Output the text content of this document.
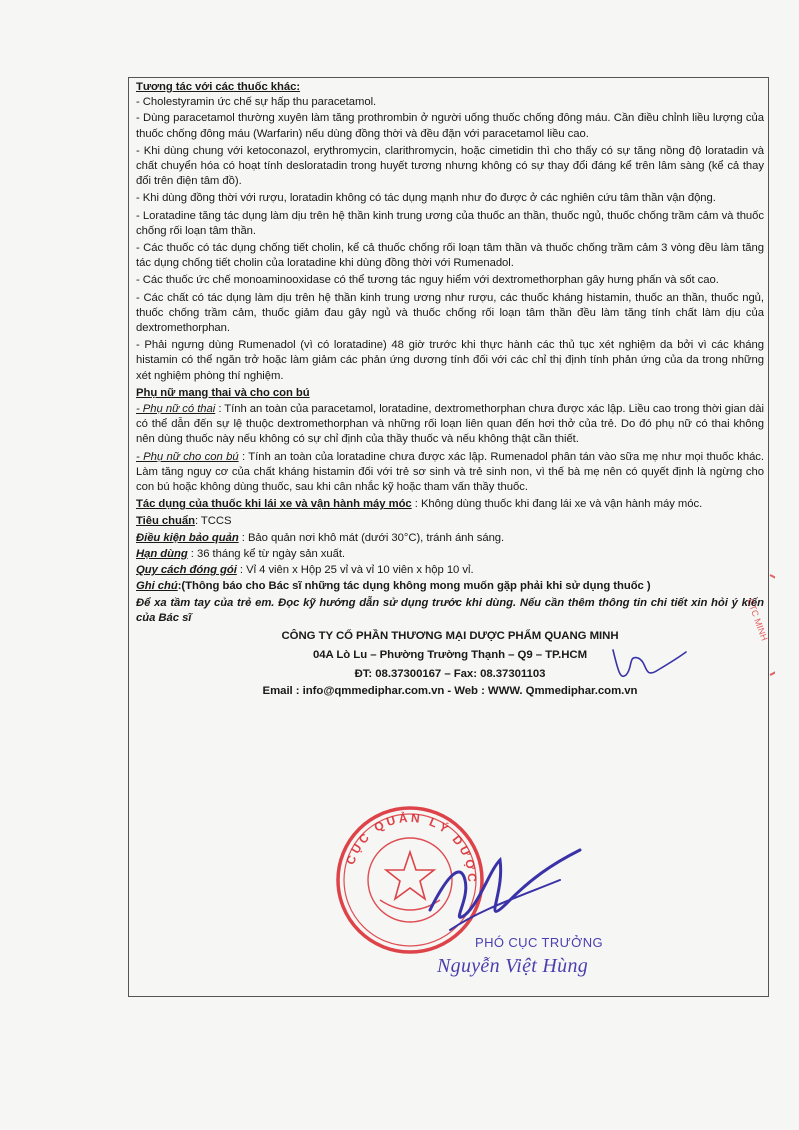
Tương tác với các thuốc khác:

- Cholestyramin ức chế sự hấp thu paracetamol.

- Dùng paracetamol thường xuyên làm tăng prothrombin ở người uống thuốc chống đông máu. Cần điều chỉnh liều lượng của thuốc chống đông máu (Warfarin) nếu dùng đồng thời và đều đặn với paracetamol liều cao.

- Khi dùng chung với ketoconazol, erythromycin, clarithromycin, hoặc cimetidin thì cho thấy có sự tăng nồng độ loratadin và chất chuyển hóa có hoạt tính desloratadin trong huyết tương nhưng không có sự thay đổi đáng kể trên lâm sàng (kể cả thay đổi trên điện tâm đồ).

- Khi dùng đồng thời với rượu, loratadin không có tác dụng mạnh như đo được ở các nghiên cứu tâm thần vận động.

- Loratadine tăng tác dụng làm dịu trên hệ thần kinh trung ương của thuốc an thần, thuốc ngủ, thuốc chống trầm cảm và thuốc chống rối loạn tâm thần.

- Các thuốc có tác dụng chống tiết cholin, kể cả thuốc chống rối loạn tâm thần và thuốc chống trầm cảm 3 vòng đều làm tăng tác dụng chống tiết cholin của loratadine khi dùng đồng thời với Rumenadol.

- Các thuốc ức chế monoaminooxidase có thể tương tác nguy hiểm với dextromethorphan gây hưng phấn và sốt cao.

- Các chất có tác dụng làm dịu trên hệ thần kinh trung ương như rượu, các thuốc kháng histamin, thuốc an thần, thuốc ngủ, thuốc chống trầm cảm, thuốc giảm đau gây ngủ và thuốc chống rối loạn tâm thần đều làm tăng tính chất làm dịu của dextromethorphan.

- Phải ngưng dùng Rumenadol (vì có loratadine) 48 giờ trước khi thực hành các thủ tục xét nghiệm da bởi vì các kháng histamin có thể ngăn trở hoặc làm giảm các phản ứng dương tính đối với các chỉ thị định tính phản ứng của da trong những xét nghiệm phòng thí nghiệm.

Phụ nữ mang thai và cho con bú

- Phụ nữ có thai : Tính an toàn của paracetamol, loratadine, dextromethorphan chưa được xác lập. Liều cao trong thời gian dài có thể dẫn đến sự lệ thuộc dextromethorphan và những rối loạn liên quan đến hơi thở của trẻ. Do đó phụ nữ có thai không nên dùng thuốc này nếu không có sự chỉ định của thầy thuốc và nếu không thật cần thiết.

- Phụ nữ cho con bú : Tính an toàn của loratadine chưa được xác lập. Rumenadol phân tán vào sữa mẹ như mọi thuốc khác. Làm tăng nguy cơ của chất kháng histamin đối với trẻ sơ sinh và trẻ sinh non, vì thế bà mẹ nên có quyết định là ngừng cho con bú hoặc không dùng thuốc, sau khi cân nhắc kỹ hoặc tham vấn thầy thuốc.

Tác dụng của thuốc khi lái xe và vận hành máy móc : Không dùng thuốc khi đang lái xe và vận hành máy móc.

Tiêu chuẩn: TCCS
Điều kiện bảo quản : Bảo quản nơi khô mát (dưới 30°C), tránh ánh sáng.
Hạn dùng : 36 tháng kể từ ngày sản xuất.
Quy cách đóng gói : Vỉ 4 viên x Hộp 25 vỉ và vỉ 10 viên x hộp 10 vỉ.
Ghi chú:(Thông báo cho Bác sĩ những tác dụng không mong muốn gặp phải khi sử dụng thuốc )

Để xa tầm tay của trẻ em. Đọc kỹ hướng dẫn sử dụng trước khi dùng. Nếu cần thêm thông tin chi tiết xin hỏi ý kiến của Bác sĩ

CÔNG TY CỔ PHẦN THƯƠNG MẠI DƯỢC PHẨM QUANG MINH
04A Lò Lu – Phường Trường Thạnh – Q9 – TP.HCM
ĐT: 08.37300167 – Fax: 08.37301103
Email : info@qmmediphar.com.vn - Web : WWW. Qmmediphar.com.vn
CỤC QUẢN LÝ DƯỢC
PHÓ CỤC TRƯỞNG
Nguyễn Việt Hùng
CTC MINH
